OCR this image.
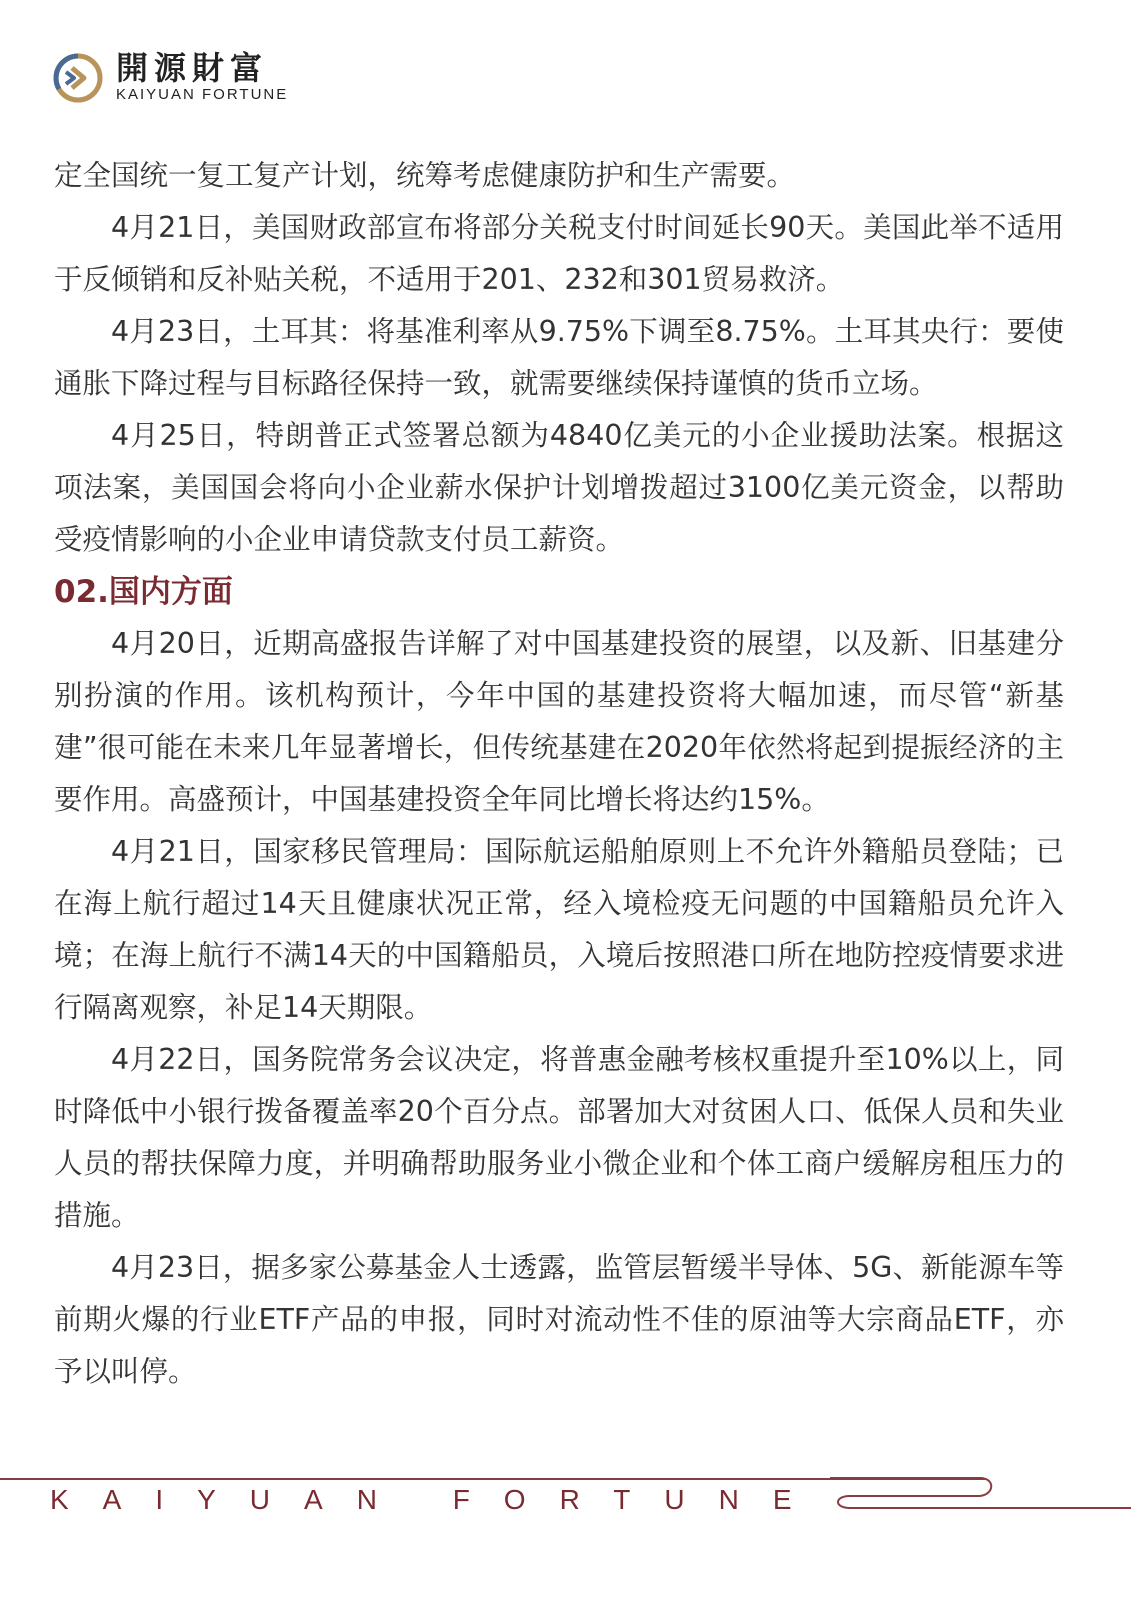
開源財富
KAIYUAN FORTUNE

定全国统一复工复产计划，统筹考虑健康防护和生产需要。

4月21日，美国财政部宣布将部分关税支付时间延长90天。美国此举不适用于反倾销和反补贴关税，不适用于201、232和301贸易救济。

4月23日，土耳其：将基准利率从9.75%下调至8.75%。土耳其央行：要使通胀下降过程与目标路径保持一致，就需要继续保持谨慎的货币立场。

4月25日，特朗普正式签署总额为4840亿美元的小企业援助法案。根据这项法案，美国国会将向小企业薪水保护计划增拨超过3100亿美元资金，以帮助受疫情影响的小企业申请贷款支付员工薪资。

02.国内方面

4月20日，近期高盛报告详解了对中国基建投资的展望，以及新、旧基建分别扮演的作用。该机构预计，今年中国的基建投资将大幅加速，而尽管“新基建”很可能在未来几年显著增长，但传统基建在2020年依然将起到提振经济的主要作用。高盛预计，中国基建投资全年同比增长将达约15%。

4月21日，国家移民管理局：国际航运船舶原则上不允许外籍船员登陆；已在海上航行超过14天且健康状况正常，经入境检疫无问题的中国籍船员允许入境；在海上航行不满14天的中国籍船员，入境后按照港口所在地防控疫情要求进行隔离观察，补足14天期限。

4月22日，国务院常务会议决定，将普惠金融考核权重提升至10%以上，同时降低中小银行拨备覆盖率20个百分点。部署加大对贫困人口、低保人员和失业人员的帮扶保障力度，并明确帮助服务业小微企业和个体工商户缓解房租压力的措施。

4月23日，据多家公募基金人士透露，监管层暂缓半导体、5G、新能源车等前期火爆的行业ETF产品的申报，同时对流动性不佳的原油等大宗商品ETF，亦予以叫停。

KAIYUAN FORTUNE
